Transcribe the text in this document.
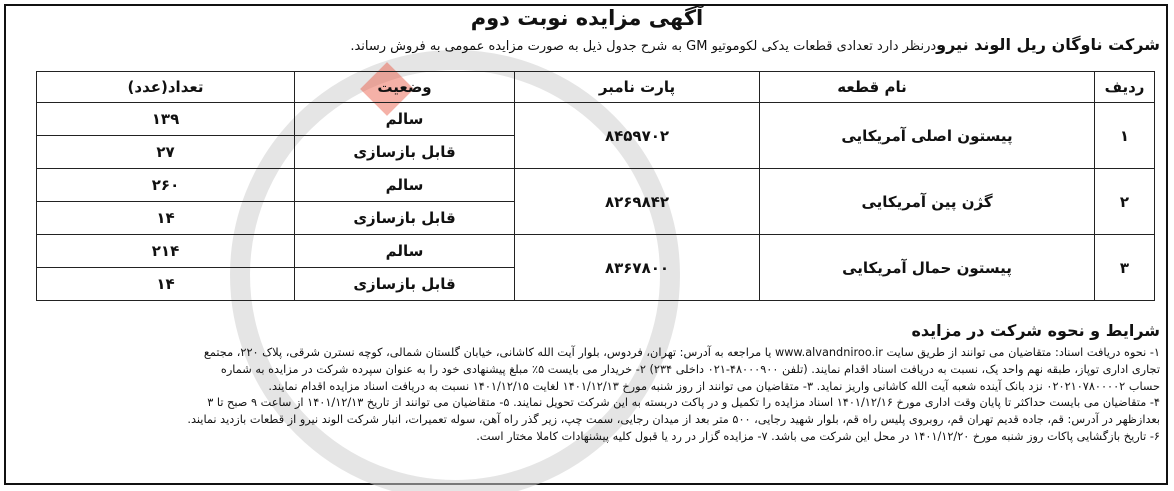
آگهی مزایده نوبت دوم
شرکت ناوگان ریل الوند نیرودرنظر دارد تعدادی قطعات یدکی لکوموتیو GM به شرح جدول ذیل به صورت مزایده عمومی به فروش رساند.
ردیف	نام قطعه	پارت نامبر	وضعیت	تعداد(عدد)
۱	پیستون اصلی آمریکایی	۸۴۵۹۷۰۲	سالم	۱۳۹
			قابل بازسازی	۲۷
۲	گژن پین آمریکایی	۸۲۶۹۸۴۲	سالم	۲۶۰
			قابل بازسازی	۱۴
۳	پیستون حمال آمریکایی	۸۳۶۷۸۰۰	سالم	۲۱۴
			قابل بازسازی	۱۴
شرایط و نحوه شرکت در مزایده

۱- نحوه دریافت اسناد: متقاضیان می توانند از طریق سایت www.alvandniroo.ir یا مراجعه به آدرس: تهران، فردوس، بلوار آیت الله کاشانی، خیابان گلستان شمالی، کوچه نسترن شرقی، پلاک ۲۲۰، مجتمع

تجاری اداری توپاز، طبقه نهم واحد یک، نسبت به دریافت اسناد اقدام نمایند. (تلفن ۴۸۰۰۰۹۰۰-۰۲۱ داخلی ۲۳۴) ۲- خریدار می بایست ۵٪ مبلغ پیشنهادی خود را به عنوان سپرده شرکت در مزایده به شماره

حساب ۰۲۰۲۱۰۷۸۰۰۰۰۲ نزد بانک آینده شعبه آیت الله کاشانی واریز نماید. ۳- متقاضیان می توانند از روز شنبه مورخ ۱۴۰۱/۱۲/۱۳ لغایت ۱۴۰۱/۱۲/۱۵ نسبت به دریافت اسناد مزایده اقدام نمایند.

۴- متقاضیان می بایست حداکثر تا پایان وقت اداری مورخ ۱۴۰۱/۱۲/۱۶ اسناد مزایده را تکمیل و در پاکت دربسته به این شرکت تحویل نمایند. ۵- متقاضیان می توانند از تاریخ ۱۴۰۱/۱۲/۱۳ از ساعت ۹ صبح تا ۳

بعدازظهر در آدرس: قم، جاده قدیم تهران قم، روبروی پلیس راه قم، بلوار شهید رجایی، ۵۰۰ متر بعد از میدان رجایی، سمت چپ، زیر گذر راه آهن، سوله تعمیرات، انبار شرکت الوند نیرو از قطعات بازدید نمایند.

۶- تاریخ بازگشایی پاکات روز شنبه مورخ ۱۴۰۱/۱۲/۲۰ در محل این شرکت می باشد. ۷- مزایده گزار در رد یا قبول کلیه پیشنهادات کاملا مختار است.
